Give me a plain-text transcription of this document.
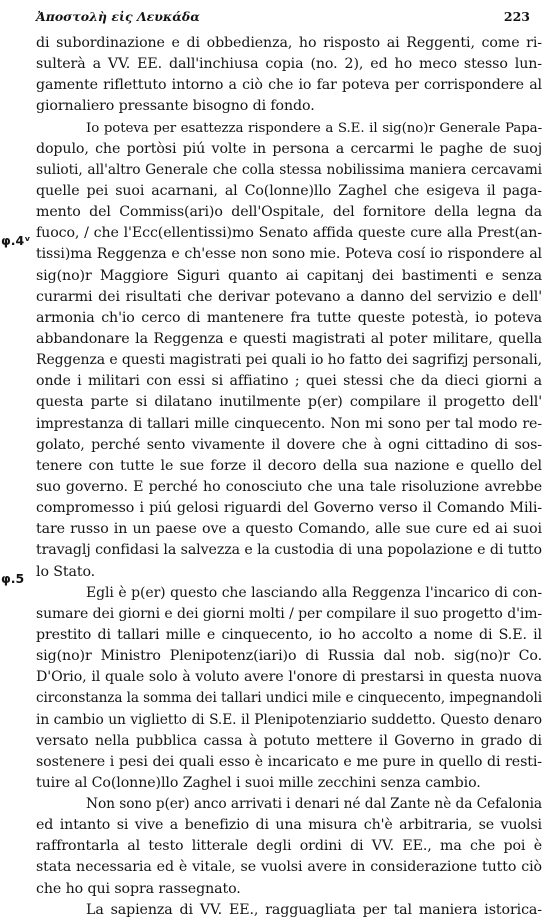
Ἀποστολὴ εἰς Λευκάδα	223
φ.4ᵛ
φ.5
di subordinazione e di obbedienza, ho risposto ai Reggenti, come ri-
sulterà a VV. EE. dall'inchiusa copia (no. 2), ed ho meco stesso lun-
gamente riflettuto intorno a ciò che io far poteva per corrispondere al
giornaliero pressante bisogno di fondo.
Io poteva per esattezza rispondere a S.E. il sig(no)r Generale Papa-
dopulo, che portòsi piú volte in persona a cercarmi le paghe de suoj
sulioti, all'altro Generale che colla stessa nobilissima maniera cercavami
quelle pei suoi acarnani, al Co(lonne)llo Zaghel che esigeva il paga-
mento del Commiss(ari)o dell'Ospitale, del fornitore della legna da
fuoco, / che l'Ecc(ellentissi)mo Senato affida queste cure alla Prest(an-
tissi)ma Reggenza e ch'esse non sono mie. Poteva cosí io rispondere al
sig(no)r Maggiore Siguri quanto ai capitanj dei bastimenti e senza
curarmi dei risultati che derivar potevano a danno del servizio e dell'
armonia ch'io cerco di mantenere fra tutte queste potestà, io poteva
abbandonare la Reggenza e questi magistrati al poter militare, quella
Reggenza e questi magistrati pei quali io ho fatto dei sagrifizj personali,
onde i militari con essi si affiatino ; quei stessi che da dieci giorni a
questa parte si dilatano inutilmente p(er) compilare il progetto dell'
imprestanza di tallari mille cinquecento. Non mi sono per tal modo re-
golato, perché sento vivamente il dovere che à ogni cittadino di sos-
tenere con tutte le sue forze il decoro della sua nazione e quello del
suo governo. E perché ho conosciuto che una tale risoluzione avrebbe
compromesso i piú gelosi riguardi del Governo verso il Comando Mili-
tare russo in un paese ove a questo Comando, alle sue cure ed ai suoi
travaglj confidasi la salvezza e la custodia di una popolazione e di tutto
lo Stato.
Egli è p(er) questo che lasciando alla Reggenza l'incarico di con-
sumare dei giorni e dei giorni molti / per compilare il suo progetto d'im-
prestito di tallari mille e cinquecento, io ho accolto a nome di S.E. il
sig(no)r Ministro Plenipotenz(iari)o di Russia dal nob. sig(no)r Co.
D'Orio, il quale solo à voluto avere l'onore di prestarsi in questa nuova
circonstanza la somma dei tallari undici mile e cinquecento, impegnandoli
in cambio un viglietto di S.E. il Plenipotenziario suddetto. Questo denaro
versato nella pubblica cassa à potuto mettere il Governo in grado di
sostenere i pesi dei quali esso è incaricato e me pure in quello di resti-
tuire al Co(lonne)llo Zaghel i suoi mille zecchini senza cambio.
Non sono p(er) anco arrivati i denari né dal Zante nè da Cefalonia
ed intanto si vive a benefizio di una misura ch'è arbitraria, se vuolsi
raffrontarla al testo litterale degli ordini di VV. EE., ma che poi è
stata necessaria ed è vitale, se vuolsi avere in considerazione tutto ciò
che ho qui sopra rassegnato.
La sapienza di VV. EE., ragguagliata per tal maniera istorica-
